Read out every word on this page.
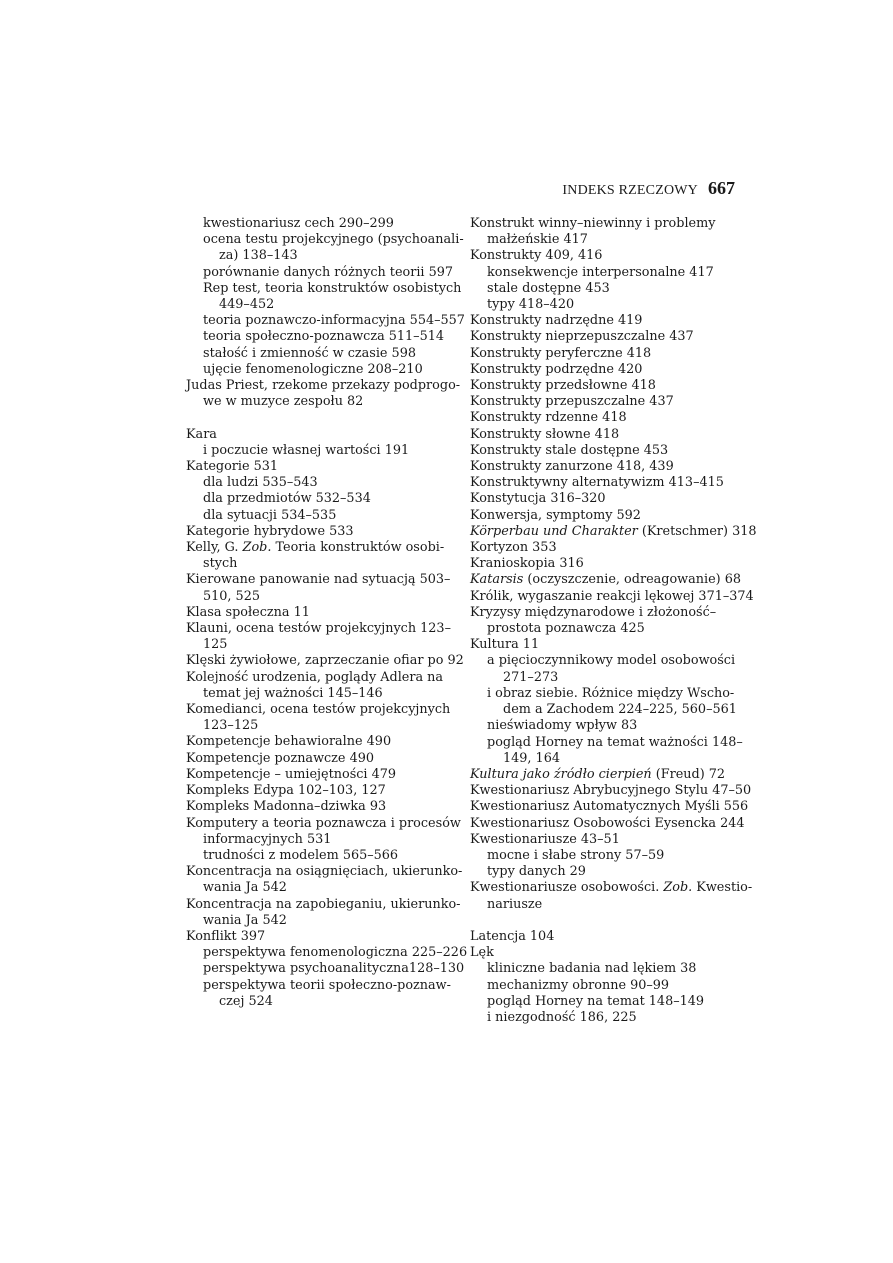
INDEKS RZECZOWY 667
kwestionariusz cech 290–299
ocena testu projekcyjnego (psychoanali-
za) 138–143
porównanie danych różnych teorii 597
Rep test, teoria konstruktów osobistych
449–452
teoria poznawczo-informacyjna 554–557
teoria społeczno-poznawcza 511–514
stałość i zmienność w czasie 598
ujęcie fenomenologiczne 208–210
Judas Priest, rzekome przekazy podprogo-
we w muzyce zespołu 82
Kara
i poczucie własnej wartości 191
Kategorie 531
dla ludzi 535–543
dla przedmiotów 532–534
dla sytuacji 534–535
Kategorie hybrydowe 533
Kelly, G. Zob. Teoria konstruktów osobi-
stych
Kierowane panowanie nad sytuacją 503–
510, 525
Klasa społeczna 11
Klauni, ocena testów projekcyjnych 123–
125
Klęski żywiołowe, zaprzeczanie ofiar po 92
Kolejność urodzenia, poglądy Adlera na
temat jej ważności 145–146
Komedianci, ocena testów projekcyjnych
123–125
Kompetencje behawioralne 490
Kompetencje poznawcze 490
Kompetencje – umiejętności 479
Kompleks Edypa 102–103, 127
Kompleks Madonna–dziwka 93
Komputery a teoria poznawcza i procesów
informacyjnych 531
trudności z modelem 565–566
Koncentracja na osiągnięciach, ukierunko-
wania Ja 542
Koncentracja na zapobieganiu, ukierunko-
wania Ja 542
Konflikt 397
perspektywa fenomenologiczna 225–226
perspektywa psychoanalityczna128–130
perspektywa teorii społeczno-poznaw-
czej 524
Konstrukt winny–niewinny i problemy
małżeńskie 417
Konstrukty 409, 416
konsekwencje interpersonalne 417
stale dostępne 453
typy 418–420
Konstrukty nadrzędne 419
Konstrukty nieprzepuszczalne 437
Konstrukty peryferczne 418
Konstrukty podrzędne 420
Konstrukty przedsłowne 418
Konstrukty przepuszczalne 437
Konstrukty rdzenne 418
Konstrukty słowne 418
Konstrukty stale dostępne 453
Konstrukty zanurzone 418, 439
Konstruktywny alternatywizm 413–415
Konstytucja 316–320
Konwersja, symptomy 592
Körperbau und Charakter (Kretschmer) 318
Kortyzon 353
Kranioskopia 316
Katarsis (oczyszczenie, odreagowanie) 68
Królik, wygaszanie reakcji lękowej 371–374
Kryzysy międzynarodowe i złożoność–
prostota poznawcza 425
Kultura 11
a pięcioczynnikowy model osobowości
271–273
i obraz siebie. Różnice między Wscho-
dem a Zachodem 224–225, 560–561
nieświadomy wpływ 83
pogląd Horney na temat ważności 148–
149, 164
Kultura jako źródło cierpień (Freud) 72
Kwestionariusz Abrybucyjnego Stylu 47–50
Kwestionariusz Automatycznych Myśli 556
Kwestionariusz Osobowości Eysencka 244
Kwestionariusze 43–51
mocne i słabe strony 57–59
typy danych 29
Kwestionariusze osobowości. Zob. Kwestio-
nariusze
Latencja 104
Lęk
kliniczne badania nad lękiem 38
mechanizmy obronne 90–99
pogląd Horney na temat 148–149
i niezgodność 186, 225
